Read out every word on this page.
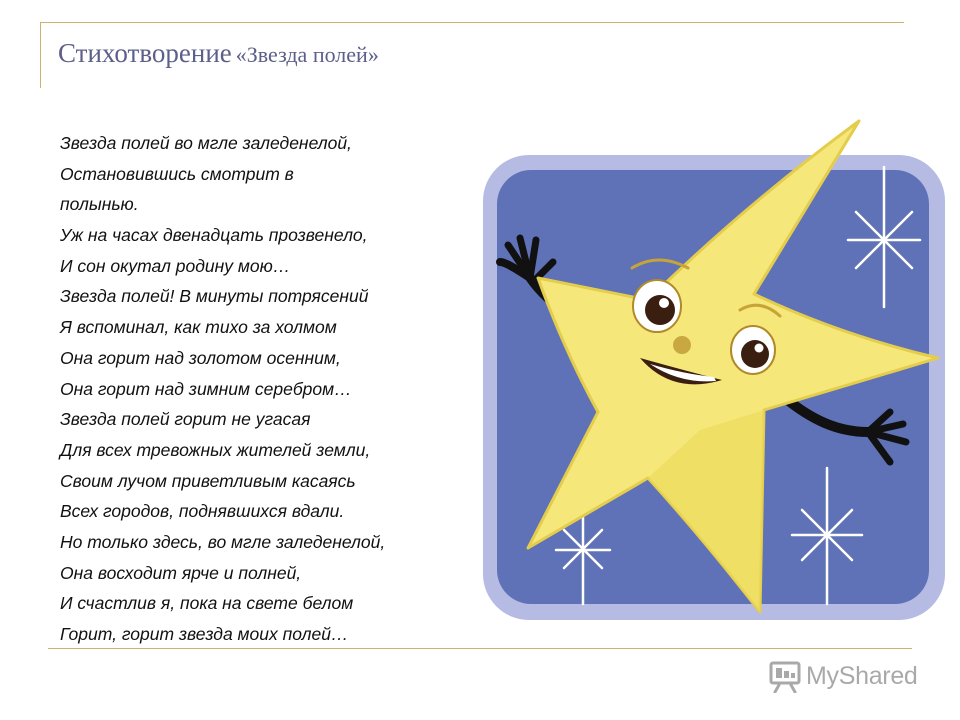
Стихотворение «Звезда полей»
Звезда полей во мгле заледенелой,
Остановившись смотрит в
полынью.
Уж на часах двенадцать прозвенело,
И сон окутал родину мою…
Звезда полей! В минуты потрясений
Я вспоминал, как тихо за холмом
Она горит над золотом осенним,
Она горит над зимним серебром…
Звезда полей горит не угасая
Для всех тревожных жителей земли,
Своим лучом приветливым касаясь
Всех городов, поднявшихся вдали.
Но только здесь, во мгле заледенелой,
Она восходит ярче и полней,
И счастлив я, пока на свете белом
Горит, горит звезда моих полей…
MyShared
